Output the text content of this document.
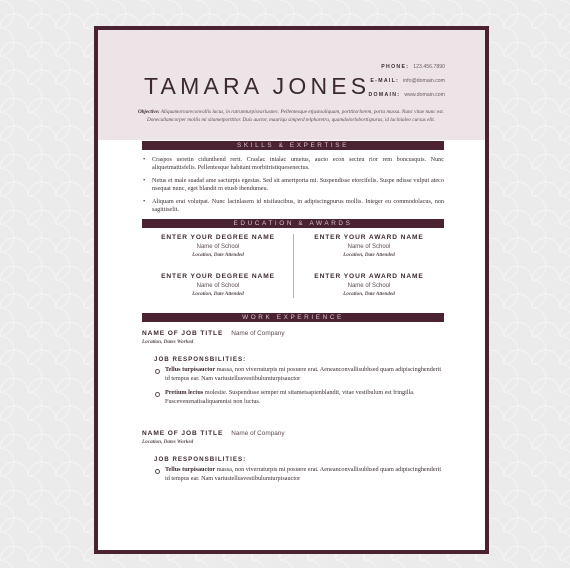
TAMARA JONES
PHONE: 123.456.7890
E-MAIL: info@domain.com
DOMAIN: www.domain.com
Objective: Aliquamornareconvallis lacus, in rutrumturpisvariusnec. Pellentesque etjustoaliquam, porttitorlorem, porta massa. Nunc vitae nunc est. Donecullamcorper mollis mi sitametporttitor. Duis auctor, mauriqu simperd telpharetra, quamdolorlobortispurus, id lacinialeo cursus elit.
SKILLS & EXPERTISE
• Craspos ueretin cidunthend rerit. Craslac inialac umetus, aucto econ secteu rior rem boncusquis. Nunc aliquetmattisfelis. Pellentesque habitant morbitristiquesenectus.
• Netus et male suadaf ame sacturpis egestas. Sed sit amertporta mi. Suspendisse etorcifelis. Suspe ndisse vulput ateco nsequat nunc, eget blandit m etusb ibendumeu.
• Aliquam erat volutpat. Nunc lacinlasem id nisifaucibus, in adipiscingpurus mollis. Integer eu commodolacus, non sagittiselit.
EDUCATION & AWARDS
ENTER YOUR DEGREE NAME
Name of School
Location, Date Attended
ENTER YOUR AWARD NAME
Name of School
Location, Date Attended
ENTER YOUR DEGREE NAME
Name of School
Location, Date Attended
ENTER YOUR AWARD NAME
Name of School
Location, Date Attended
WORK EXPERIENCE
NAME OF JOB TITLE Name of Company
Location, Dates Worked
JOB RESPONSBILITIES:
Tellus turpisauctor massa, non viverraturpis mi posuere erat. Aeneanconvallisubhsed quam adipiscinghenderit id tempus ear. Nam variustellusvestibulumturpisauctor
Pretium lectus molestie. Suspendisse semper mi sitametsapienblandit, vitae vestibulum est fringilla. Fuscevenenatisaliquamnisi non luctus.
NAME OF JOB TITLE Name of Company
Location, Dates Worked
JOB RESPONSBILITIES:
Tellus turpisauctor massa, non viverraturpis mi posuere erat. Aeneanconvallisubhsed quam adipiscinghenderit id tempus ear. Nam variustellusvestibulumturpisauctor
